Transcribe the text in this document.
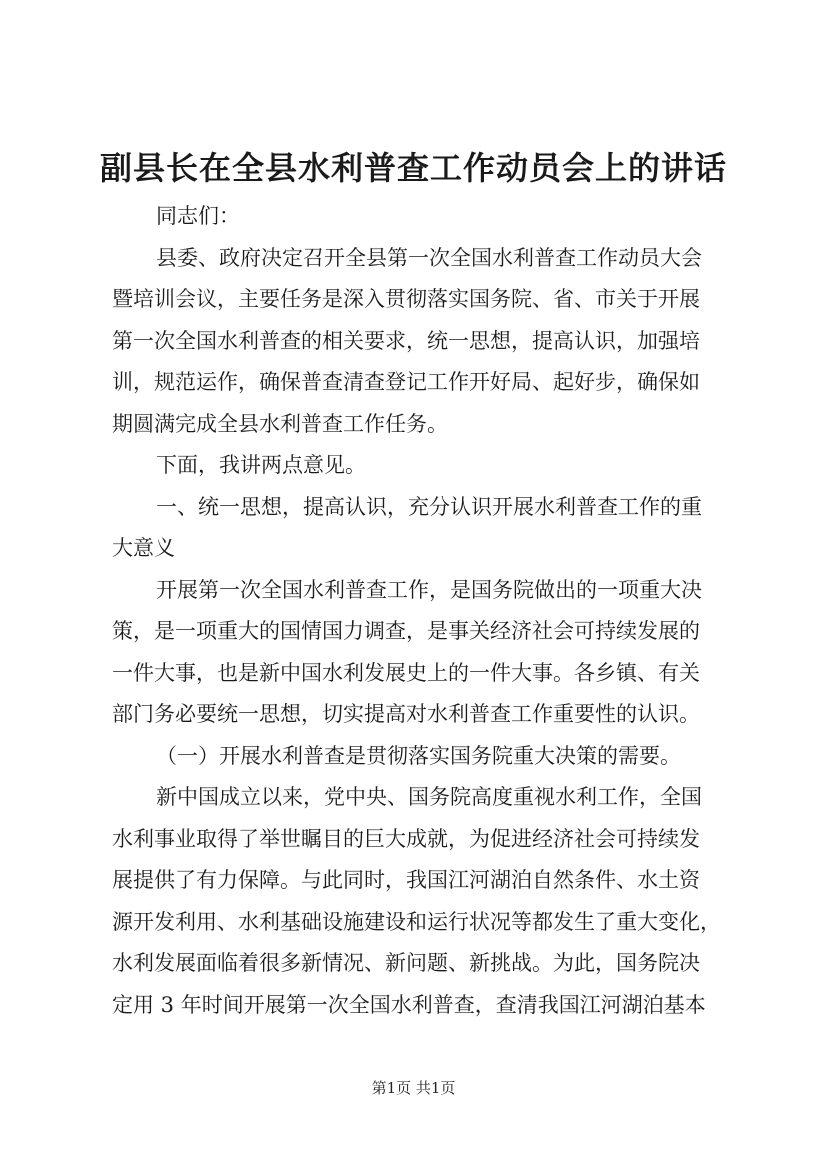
副县长在全县水利普查工作动员会上的讲话
同志们：
县委、政府决定召开全县第一次全国水利普查工作动员大会
暨培训会议，主要任务是深入贯彻落实国务院、省、市关于开展
第一次全国水利普查的相关要求，统一思想，提高认识，加强培
训，规范运作，确保普查清查登记工作开好局、起好步，确保如
期圆满完成全县水利普查工作任务。
下面，我讲两点意见。
一、统一思想，提高认识，充分认识开展水利普查工作的重
大意义
开展第一次全国水利普查工作，是国务院做出的一项重大决
策，是一项重大的国情国力调查，是事关经济社会可持续发展的
一件大事，也是新中国水利发展史上的一件大事。各乡镇、有关
部门务必要统一思想，切实提高对水利普查工作重要性的认识。
（一）开展水利普查是贯彻落实国务院重大决策的需要。
新中国成立以来，党中央、国务院高度重视水利工作，全国
水利事业取得了举世瞩目的巨大成就，为促进经济社会可持续发
展提供了有力保障。与此同时，我国江河湖泊自然条件、水土资
源开发利用、水利基础设施建设和运行状况等都发生了重大变化，
水利发展面临着很多新情况、新问题、新挑战。为此，国务院决
定用 3 年时间开展第一次全国水利普查，查清我国江河湖泊基本
第1页 共1页
